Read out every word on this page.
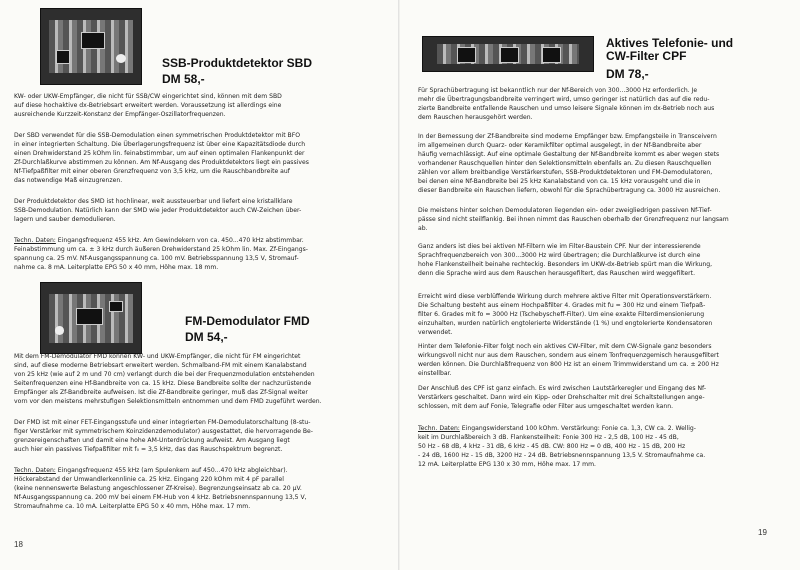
SSB-Produktdetektor SBD
DM 58,-

KW- oder UKW-Empfänger, die nicht für SSB/CW eingerichtet sind, können mit dem SBD
auf diese hochaktive dx-Betriebsart erweitert werden. Voraussetzung ist allerdings eine
ausreichende Kurzzeit-Konstanz der Empfänger-Oszillatorfrequenzen.

Der SBD verwendet für die SSB-Demodulation einen symmetrischen Produktdetektor mit BFO
in einer integrierten Schaltung. Die Überlagerungsfrequenz ist über eine Kapazitätsdiode durch
einen Drehwiderstand 25 kOhm lin. feinabstimmbar, um auf einen optimalen Flankenpunkt der
Zf-Durchlaßkurve abstimmen zu können. Am Nf-Ausgang des Produktdetektors liegt ein passives
Nf-Tiefpaßfilter mit einer oberen Grenzfrequenz von 3,5 kHz, um die Rauschbandbreite auf
das notwendige Maß einzugrenzen.

Der Produktdetektor des SMD ist hochlinear, weit aussteuerbar und liefert eine kristallklare
SSB-Demodulation. Natürlich kann der SMD wie jeder Produktdetektor auch CW-Zeichen über-
lagern und sauber demodulieren.

Techn. Daten: Eingangsfrequenz 455 kHz. Am Gewindekern von ca. 450...470 kHz abstimmbar.
Feinabstimmung um ca. ± 3 kHz durch äußeren Drehwiderstand 25 kOhm lin. Max. Zf-Eingangs-
spannung ca. 25 mV. Nf-Ausgangsspannung ca. 100 mV. Betriebsspannung 13,5 V, Stromauf-
nahme ca. 8 mA. Leiterplatte EPG 50 x 40 mm, Höhe max. 18 mm.

FM-Demodulator FMD
DM 54,-

Mit dem FM-Demodulator FMD können KW- und UKW-Empfänger, die nicht für FM eingerichtet
sind, auf diese moderne Betriebsart erweitert werden. Schmalband-FM mit einem Kanalabstand
von 25 kHz (wie auf 2 m und 70 cm) verlangt durch die bei der Frequenzmodulation entstehenden
Seitenfrequenzen eine Hf-Bandbreite von ca. 15 kHz. Diese Bandbreite sollte der nachzurüstende
Empfänger als Zf-Bandbreite aufweisen. Ist die Zf-Bandbreite geringer, muß das Zf-Signal weiter
vorn vor den meistens mehrstufigen Selektionsmitteln entnommen und dem FMD zugeführt werden.

Der FMD ist mit einer FET-Eingangsstufe und einer integrierten FM-Demodulatorschaltung (8-stu-
figer Verstärker mit symmetrischem Koinzidenzdemodulator) ausgestattet, die hervorragende Be-
grenzereigenschaften und damit eine hohe AM-Unterdrückung aufweist. Am Ausgang liegt
auch hier ein passives Tiefpaßfilter mit f₀ = 3,5 kHz, das das Rauschspektrum begrenzt.

Techn. Daten: Eingangsfrequenz 455 kHz (am Spulenkern auf 450...470 kHz abgleichbar).
Höckerabstand der Umwandlerkennlinie ca. 25 kHz. Eingang 220 kOhm mit 4 pF parallel
(keine nennenswerte Belastung angeschlossener Zf-Kreise). Begrenzungseinsatz ab ca. 20 µV.
Nf-Ausgangsspannung ca. 200 mV bei einem FM-Hub von 4 kHz. Betriebsnennspannung 13,5 V,
Stromaufnahme ca. 10 mA. Leiterplatte EPG 50 x 40 mm, Höhe max. 17 mm.

18
Aktives Telefonie- und
CW-Filter CPF
DM 78,-

Für Sprachübertragung ist bekanntlich nur der Nf-Bereich von 300...3000 Hz erforderlich. Je
mehr die Übertragungsbandbreite verringert wird, umso geringer ist natürlich das auf die redu-
zierte Bandbreite entfallende Rauschen und umso leisere Signale können im dx-Betrieb noch aus
dem Rauschen herausgehört werden.

In der Bemessung der Zf-Bandbreite sind moderne Empfänger bzw. Empfangsteile in Transceivern
im allgemeinen durch Quarz- oder Keramikfilter optimal ausgelegt, in der Nf-Bandbreite aber
häufig vernachlässigt. Auf eine optimale Gestaltung der Nf-Bandbreite kommt es aber wegen stets
vorhandener Rauschquellen hinter den Selektionsmitteln ebenfalls an. Zu diesen Rauschquellen
zählen vor allem breitbandige Verstärkerstufen, SSB-Produktdetektoren und FM-Demodulatoren,
bei denen eine Nf-Bandbreite bei 25 kHz Kanalabstand von ca. 15 kHz vorausgeht und die in
dieser Bandbreite ein Rauschen liefern, obwohl für die Sprachübertragung ca. 3000 Hz ausreichen.

Die meistens hinter solchen Demodulatoren liegenden ein- oder zweigliedrigen passiven Nf-Tief-
pässe sind nicht steilflankig. Bei ihnen nimmt das Rauschen oberhalb der Grenzfrequenz nur langsam
ab.

Ganz anders ist dies bei aktiven Nf-Filtern wie im Filter-Baustein CPF. Nur der interessierende
Sprachfrequenzbereich von 300...3000 Hz wird übertragen; die Durchlaßkurve ist durch eine
hohe Flankensteilheit beinahe rechteckig. Besonders im UKW-dx-Betrieb spürt man die Wirkung,
denn die Sprache wird aus dem Rauschen herausgefiltert, das Rauschen wird weggefiltert.

Erreicht wird diese verblüffende Wirkung durch mehrere aktive Filter mit Operationsverstärkern.
Die Schaltung besteht aus einem Hochpaßfilter 4. Grades mit fu = 300 Hz und einem Tiefpaß-
filter 6. Grades mit fo = 3000 Hz (Tschebyscheff-Filter). Um eine exakte Filterdimensionierung
einzuhalten, wurden natürlich engtolerierte Widerstände (1 %) und engtolerierte Kondensatoren
verwendet.

Hinter dem Telefonie-Filter folgt noch ein aktives CW-Filter, mit dem CW-Signale ganz besonders
wirkungsvoll nicht nur aus dem Rauschen, sondern aus einem Tonfrequenzgemisch herausgefiltert
werden können. Die Durchlaßfrequenz von 800 Hz ist an einem Trimmwiderstand um ca. ± 200 Hz
einstellbar.

Der Anschluß des CPF ist ganz einfach. Es wird zwischen Lautstärkeregler und Eingang des Nf-
Verstärkers geschaltet. Dann wird ein Kipp- oder Drehschalter mit drei Schaltstellungen ange-
schlossen, mit dem auf Fonie, Telegrafie oder Filter aus umgeschaltet werden kann.

Techn. Daten: Eingangswiderstand 100 kOhm. Verstärkung: Fonie ca. 1,3, CW ca. 2. Wellig-
keit im Durchlaßbereich 3 dB. Flankensteilheit: Fonie 300 Hz - 2,5 dB, 100 Hz - 45 dB,
50 Hz - 68 dB, 4 kHz - 31 dB, 6 kHz - 45 dB. CW: 800 Hz = 0 dB, 400 Hz - 15 dB, 200 Hz
- 24 dB, 1600 Hz - 15 dB, 3200 Hz - 24 dB. Betriebsnennspannung 13,5 V. Stromaufnahme ca.
12 mA. Leiterplatte EPG 130 x 30 mm, Höhe max. 17 mm.

19
